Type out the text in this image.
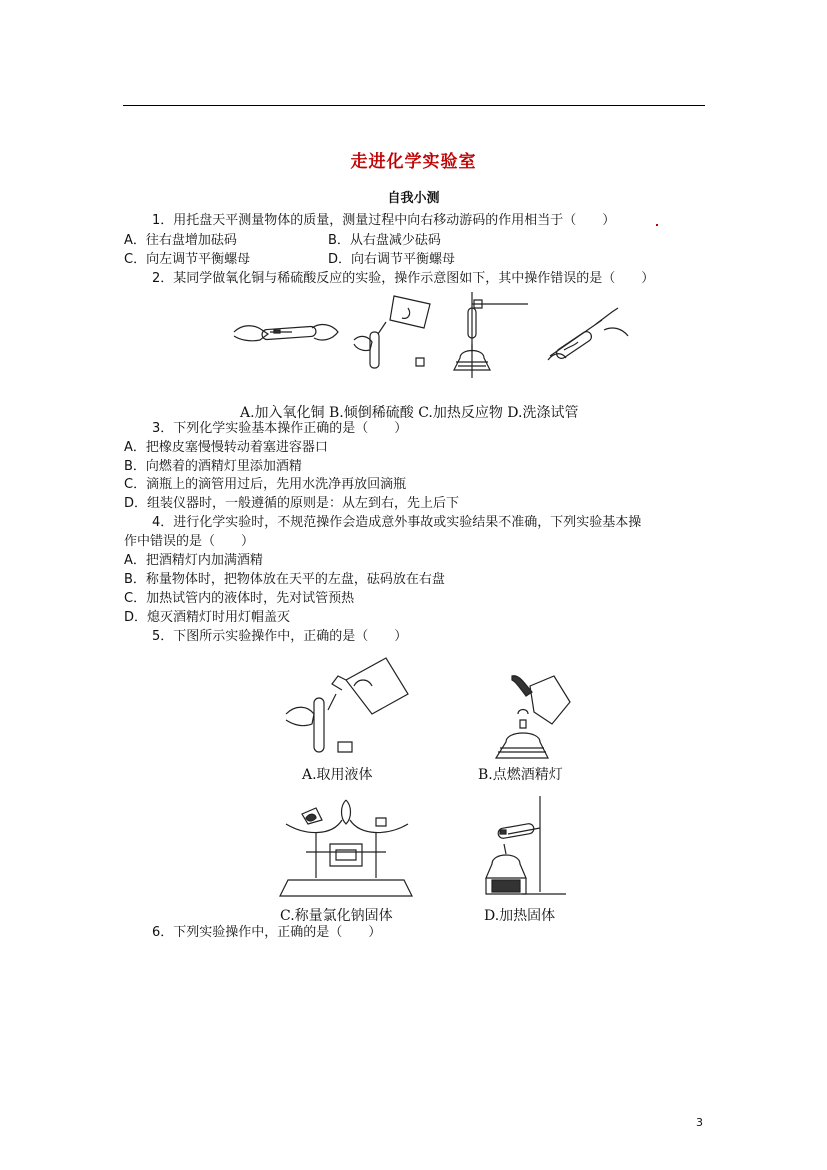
走进化学实验室
自我小测
1．用托盘天平测量物体的质量，测量过程中向右移动游码的作用相当于（　　）
A．往右盘增加砝码	B．从右盘减少砝码
C．向左调节平衡螺母	D．向右调节平衡螺母
2．某同学做氧化铜与稀硫酸反应的实验，操作示意图如下，其中操作错误的是（　　）
A.加入氧化铜 B.倾倒稀硫酸 C.加热反应物 D.洗涤试管
3．下列化学实验基本操作正确的是（　　）
A．把橡皮塞慢慢转动着塞进容器口
B．向燃着的酒精灯里添加酒精
C．滴瓶上的滴管用过后，先用水洗净再放回滴瓶
D．组装仪器时，一般遵循的原则是：从左到右，先上后下
4．进行化学实验时，不规范操作会造成意外事故或实验结果不准确，下列实验基本操
作中错误的是（　　）
A．把酒精灯内加满酒精
B．称量物体时，把物体放在天平的左盘，砝码放在右盘
C．加热试管内的液体时，先对试管预热
D．熄灭酒精灯时用灯帽盖灭
5．下图所示实验操作中，正确的是（　　）
A.取用液体	B.点燃酒精灯
C.称量氯化钠固体	D.加热固体
6．下列实验操作中，正确的是（　　）
3
